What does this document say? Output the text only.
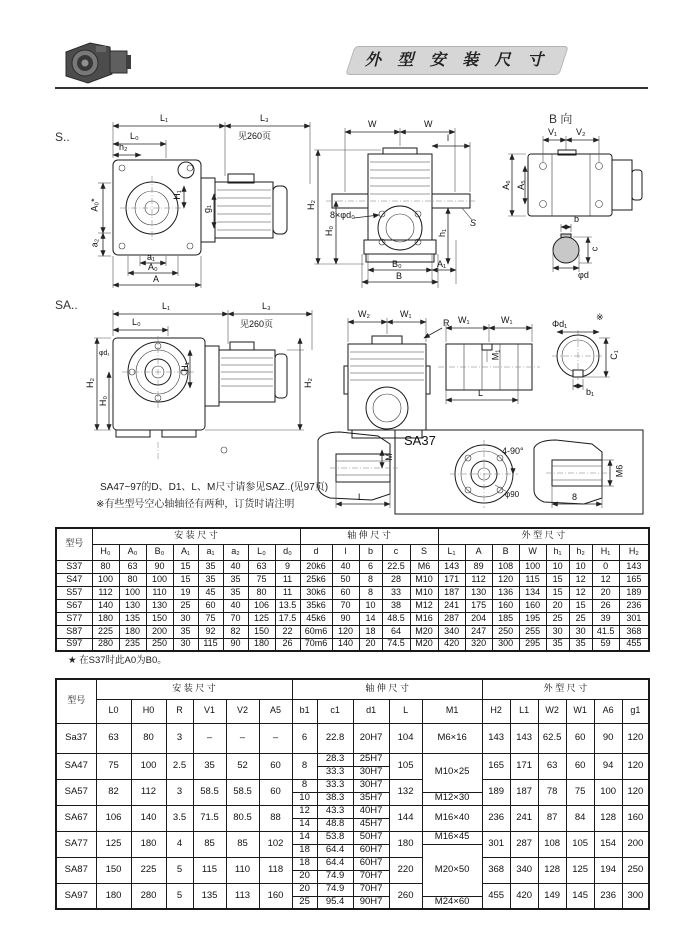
外 型 安 装 尺 寸
S..
L₁	L₃
见260页
L₀
h₂
A₀*
a₂
H₁
g₁
a₁
A₀
A
W	W
l
H₂
H₀
8×φd₀
h₁
S
B₀	A₁
B
B 向
V₁ V₂
A₆ A₅
b
c
φd
SA..	L₁	L₃
见260页
L₀
H₂
H₀
φd₁
H₁
H₂
W₂	W₁
R W₁	W₁
M₁
L
Φd₁
※
C₁
b₁
M
L
SA37
4-90°
φ90
M6
8
SA47~97的D、D1、L、M尺寸请参见SAZ..(见97页)
※有些型号空心轴轴径有两种，订货时请注明
型号	安 装 尺 寸								轴 伸 尺 寸					外 型 尺 寸							
	H₀	A₀	B₀	A₁	a₁	a₂	L₀	d₀	d	l	b	c	S	L₁	A	B	W	h₁	h₂	H₁	H₂
S37	80	63	90	15	35	40	63	9	20k6	40	6	22.5	M6	143	89	108	100	10	10	0	143
S47	100	80	100	15	35	35	75	11	25k6	50	8	28	M10	171	112	120	115	15	12	12	165
S57	112	100	110	19	45	35	80	11	30k6	60	8	33	M10	187	130	136	134	15	12	20	189
S67	140	130	130	25	60	40	106	13.5	35k6	70	10	38	M12	241	175	160	160	20	15	26	236
S77	180	135	150	30	75	70	125	17.5	45k6	90	14	48.5	M16	287	204	185	195	25	25	39	301
S87	225	180	200	35	92	82	150	22	60m6	120	18	64	M20	340	247	250	255	30	30	41.5	368
S97	280	235	250	30	115	90	180	26	70m6	140	20	74.5	M20	420	320	300	295	35	35	59	455
★ 在S37时此A0为B0。
型号	安 装 尺 寸						轴 伸 尺 寸					外 型 尺 寸					
	L0	H0	R	V1	V2	A5	b1	c1	d1	L	M1	H2	L1	W2	W1	A6	g1
Sa37	63	80	3	–	–	–	6	22.8	20H7	104	M6×16	143	143	62.5	60	90	120
SA47	75	100	2.5	35	52	60	8	28.3	25H7	105	M10×25	165	171	63	60	94	120
								33.3	30H7								
SA57	82	112	3	58.5	58.5	60	8	33.3	30H7	132		189	187	78	75	100	120
							10	38.3	35H7		M12×30						
SA67	106	140	3.5	71.5	80.5	88	12	43.3	40H7	144	M16×40	236	241	87	84	128	160
							14	48.8	45H7								
SA77	125	180	4	85	85	102	14	53.8	50H7	180	M16×45	301	287	108	105	154	200
							18	64.4	60H7		M20×50						
SA87	150	225	5	115	110	118	18	64.4	60H7	220		368	340	128	125	194	250
							20	74.9	70H7								
SA97	180	280	5	135	113	160	20	74.9	70H7	260		455	420	149	145	236	300
							25	95.4	90H7		M24×60						
